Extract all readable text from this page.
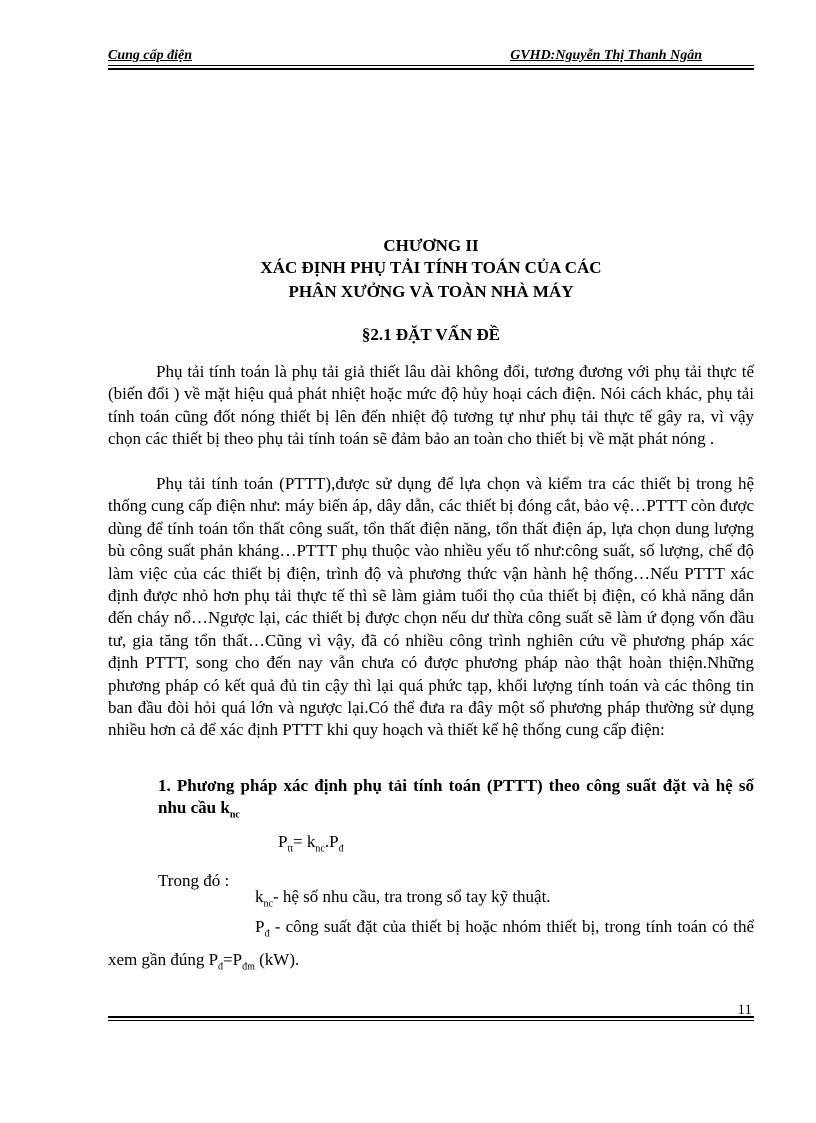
Cung cấp điện	GVHD:Nguyễn Thị Thanh Ngân
CHƯƠNG II
XÁC ĐỊNH PHỤ TẢI TÍNH TOÁN CỦA CÁC
PHÂN XƯỞNG VÀ TOÀN NHÀ MÁY
§2.1 ĐẶT VẤN ĐỀ

Phụ tải tính toán là phụ tải giả thiết lâu dài không đổi, tương đương với phụ tải thực tế (biến đổi ) về mặt hiệu quả phát nhiệt hoặc mức độ hủy hoại cách điện. Nói cách khác, phụ tải tính toán cũng đốt nóng thiết bị lên đến nhiệt độ tương tự như phụ tải thực tế gây ra, vì vậy chọn các thiết bị theo phụ tải tính toán sẽ đảm bảo an toàn cho thiết bị về mặt phát nóng .

Phụ tải tính toán (PTTT),được sử dụng để lựa chọn và kiểm tra các thiết bị trong hệ thống cung cấp điện như: máy biến áp, dây dẫn, các thiết bị đóng cắt, bảo vệ…PTTT còn được dùng để tính toán tổn thất công suất, tổn thất điện năng, tổn thất điện áp, lựa chọn dung lượng bù công suất phản kháng…PTTT phụ thuộc vào nhiều yếu tố như:công suất, số lượng, chế độ làm việc của các thiết bị điện, trình độ và phương thức vận hành hệ thống…Nếu PTTT xác định được nhỏ hơn phụ tải thực tế thì sẽ làm giảm tuổi thọ của thiết bị điện, có khả năng dẫn đến cháy nổ…Ngược lại, các thiết bị được chọn nếu dư thừa công suất sẽ làm ứ đọng vốn đầu tư, gia tăng tổn thất…Cũng vì vậy, đã có nhiều công trình nghiên cứu về phương pháp xác định PTTT, song cho đến nay vẫn chưa có được phương pháp nào thật hoàn thiện.Những phương pháp có kết quả đủ tin cậy thì lại quá phức tạp, khối lượng tính toán và các thông tin ban đầu đòi hỏi quá lớn và ngược lại.Có thể đưa ra đây một số phương pháp thường sử dụng nhiều hơn cả để xác định PTTT khi quy hoạch và thiết kế hệ thống cung cấp điện:

1. Phương pháp xác định phụ tải tính toán (PTTT) theo công suất đặt và hệ số nhu cầu $k_{nc}$
$P_{tt}= k_{nc}.P_đ$
Trong đó :
$k_{nc}-$ hệ số nhu cầu, tra trong sổ tay kỹ thuật.
$P_đ$ - công suất đặt của thiết bị hoặc nhóm thiết bị, trong tính toán có thể xem gần đúng $P_đ=P_{đm}$ (kW).
11
